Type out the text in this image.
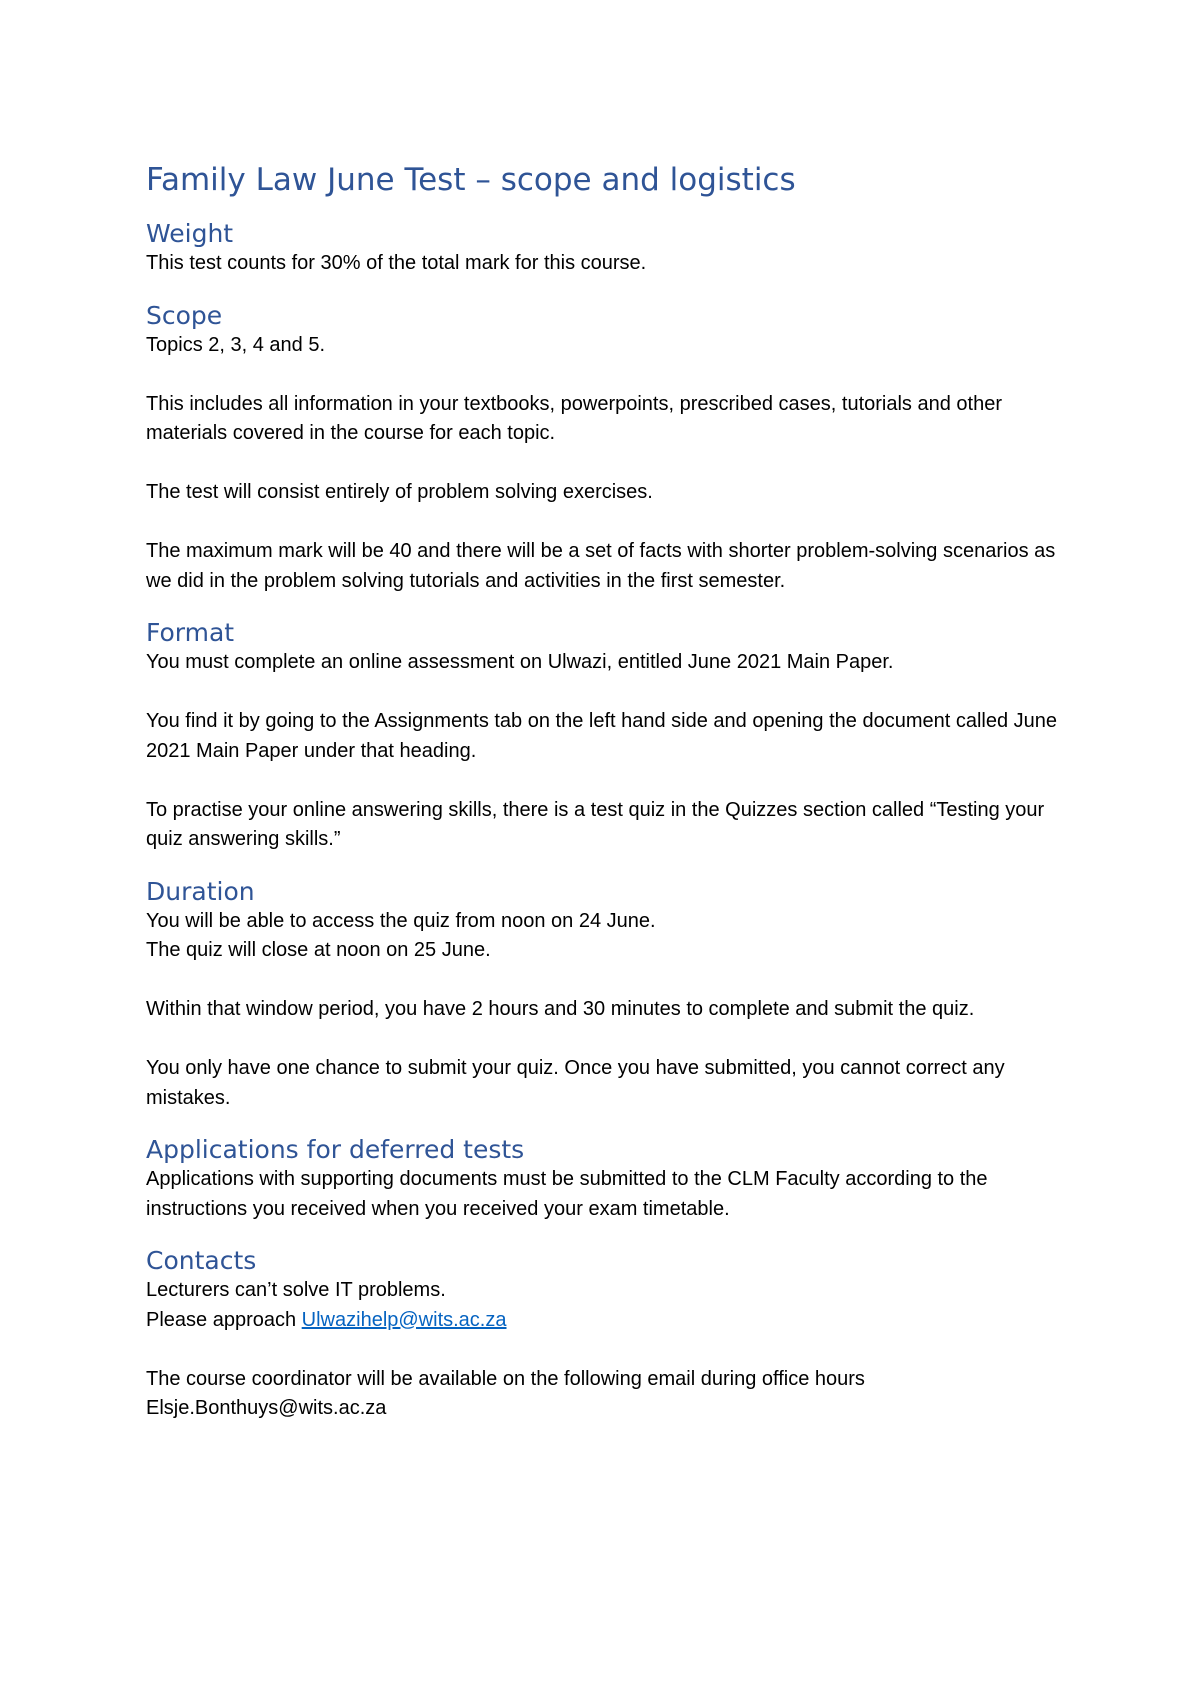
Family Law June Test – scope and logistics
Weight

This test counts for 30% of the total mark for this course.

Scope

Topics 2, 3, 4 and 5.

This includes all information in your textbooks, powerpoints, prescribed cases, tutorials and other materials covered in the course for each topic.

The test will consist entirely of problem solving exercises.

The maximum mark will be 40 and there will be a set of facts with shorter problem-solving scenarios as we did in the problem solving tutorials and activities in the first semester.

Format

You must complete an online assessment on Ulwazi, entitled June 2021 Main Paper.

You find it by going to the Assignments tab on the left hand side and opening the document called June 2021 Main Paper under that heading.

To practise your online answering skills, there is a test quiz in the Quizzes section called “Testing your quiz answering skills.”

Duration

You will be able to access the quiz from noon on 24 June.
The quiz will close at noon on 25 June.

Within that window period, you have 2 hours and 30 minutes to complete and submit the quiz.

You only have one chance to submit your quiz. Once you have submitted, you cannot correct any mistakes.

Applications for deferred tests

Applications with supporting documents must be submitted to the CLM Faculty according to the instructions you received when you received your exam timetable.

Contacts

Lecturers can’t solve IT problems.
Please approach Ulwazihelp@wits.ac.za

The course coordinator will be available on the following email during office hours
Elsje.Bonthuys@wits.ac.za
